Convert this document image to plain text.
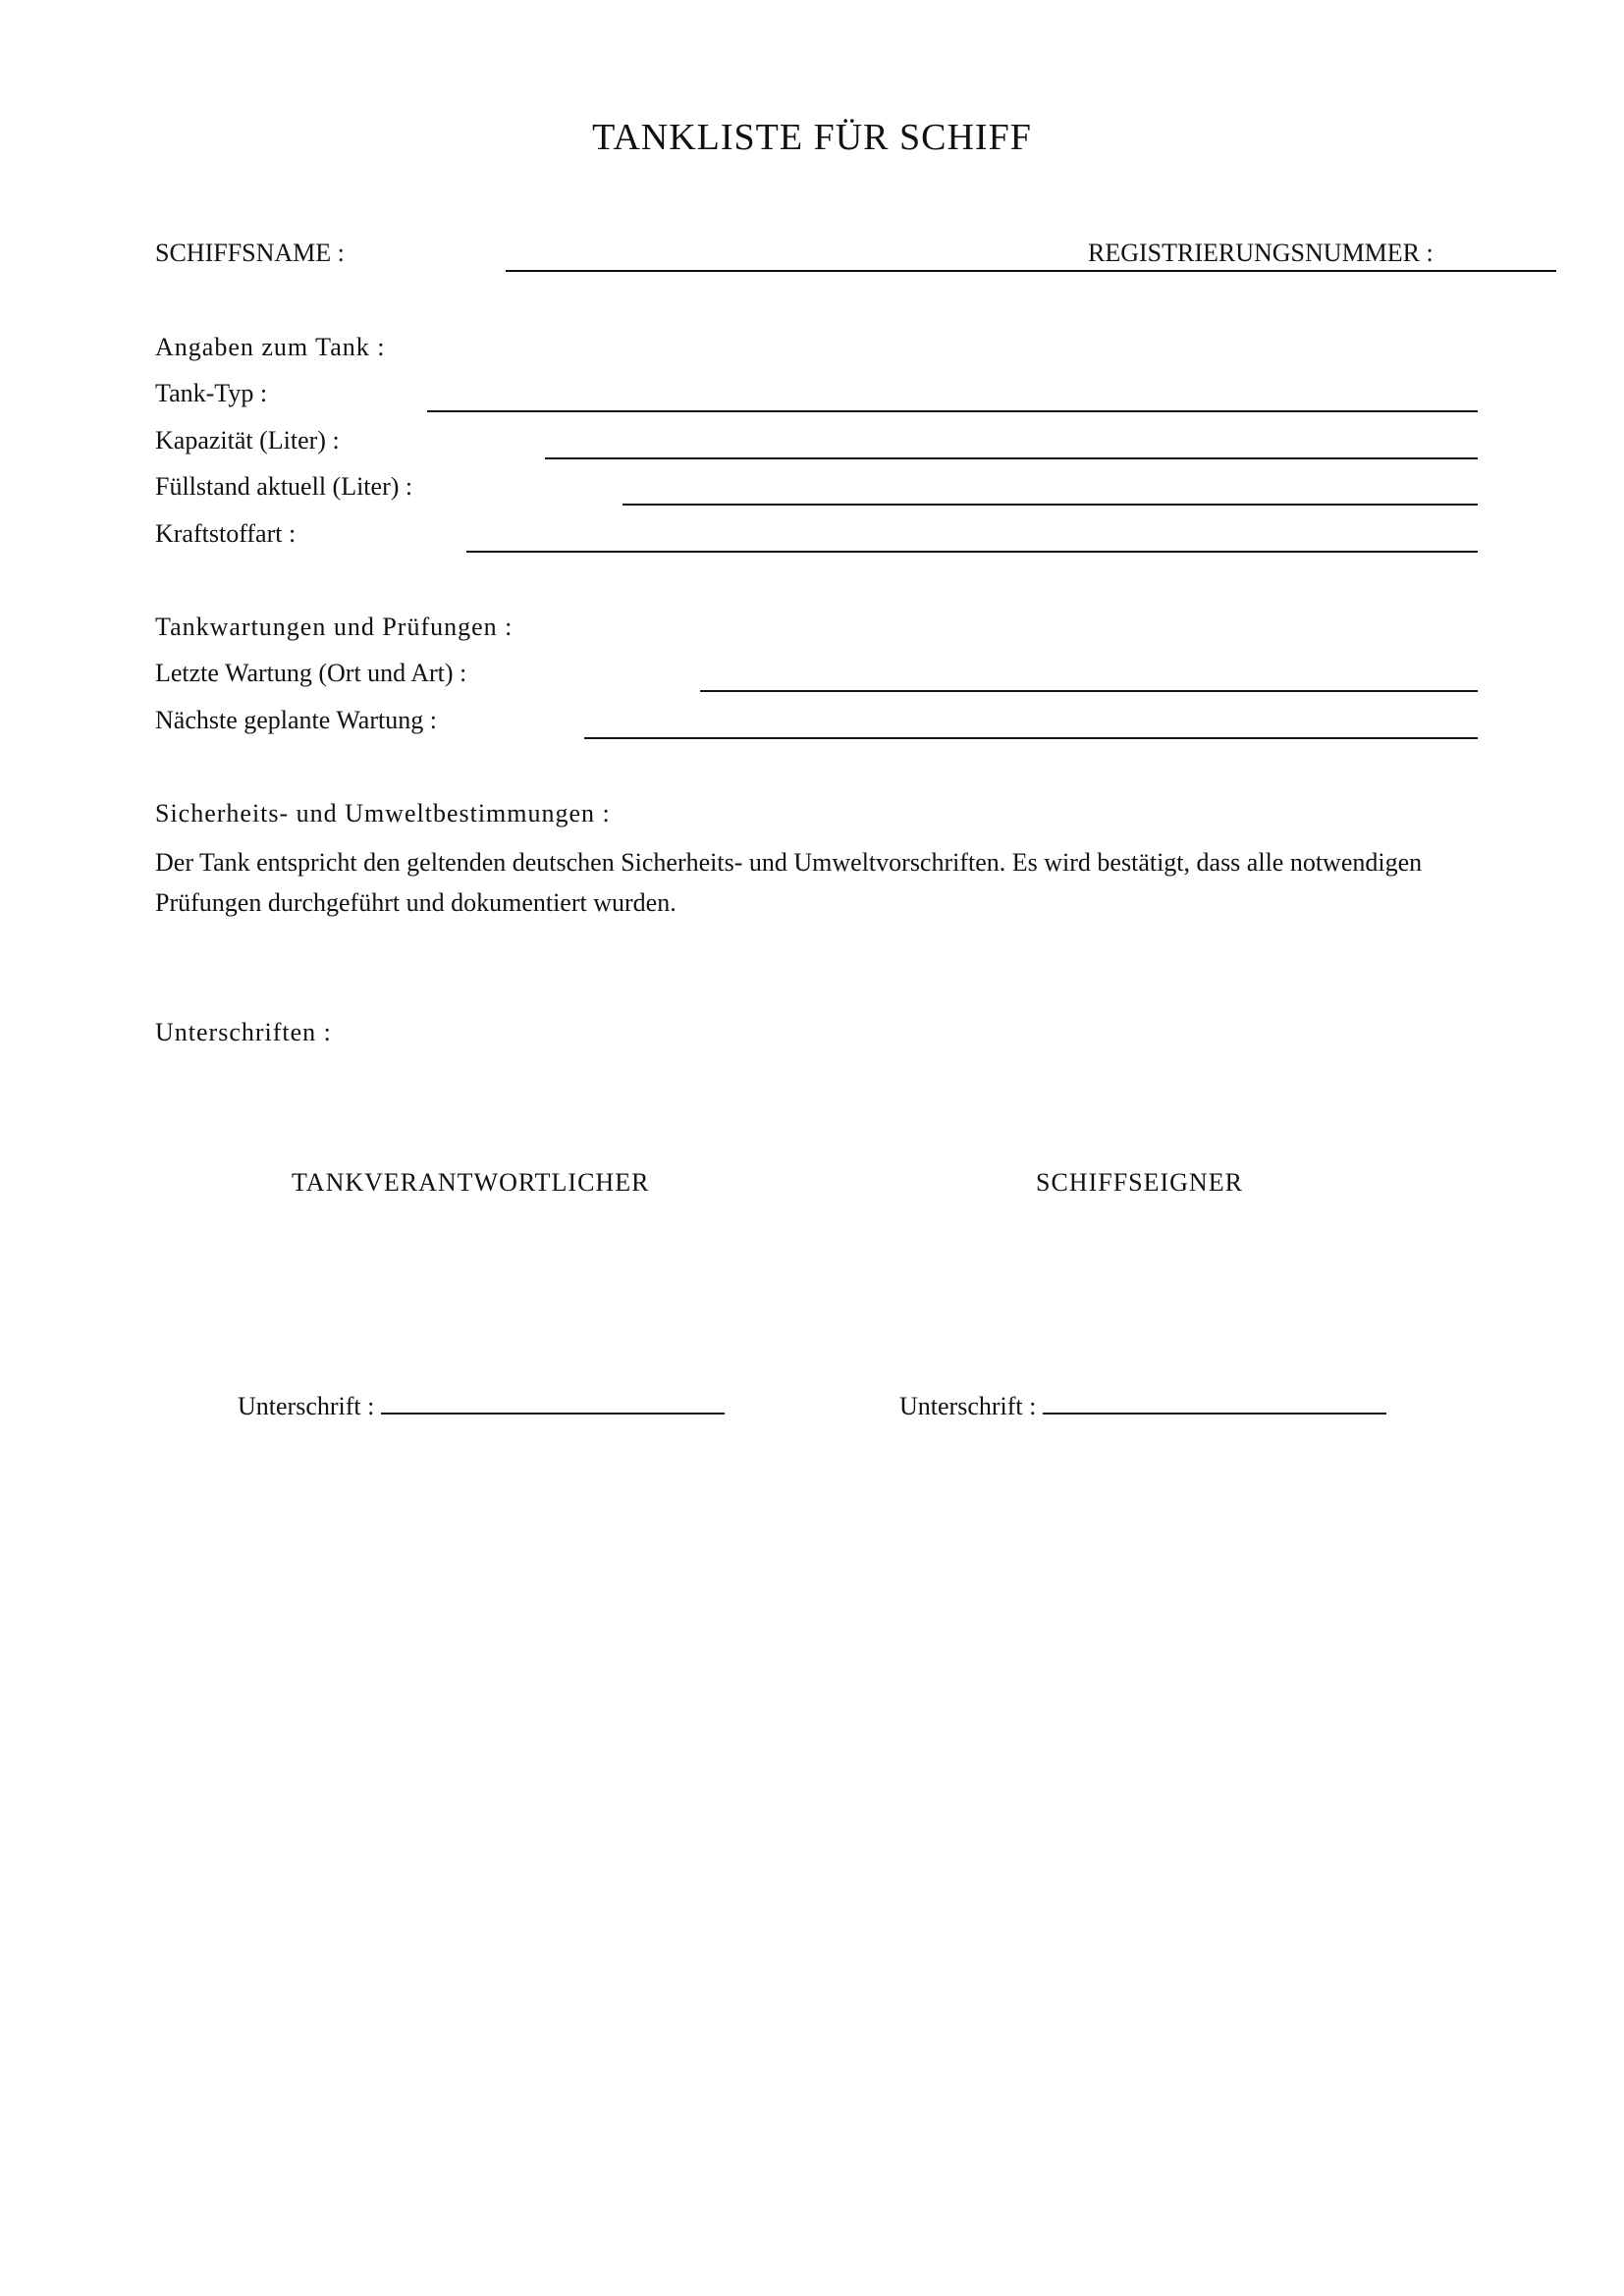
TANKLISTE FÜR SCHIFF
SCHIFFSNAME :	REGISTRIERUNGSNUMMER :
Angaben zum Tank :
Tank-Typ :
Kapazität (Liter) :
Füllstand aktuell (Liter) :
Kraftstoffart :
Tankwartungen und Prüfungen :
Letzte Wartung (Ort und Art) :
Nächste geplante Wartung :
Sicherheits- und Umweltbestimmungen :
Der Tank entspricht den geltenden deutschen Sicherheits- und Umweltvorschriften. Es wird bestätigt, dass alle notwendigen Prüfungen durchgeführt und dokumentiert wurden.
Unterschriften :
TANKVERANTWORTLICHER	SCHIFFSEIGNER
Unterschrift :	Unterschrift :
